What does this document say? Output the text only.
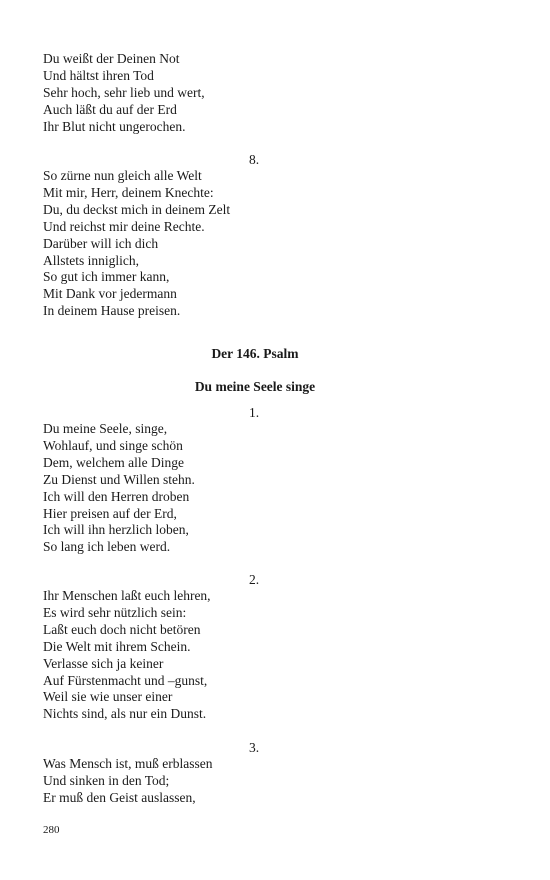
Du weißt der Deinen Not
Und hältst ihren Tod
Sehr hoch, sehr lieb und wert,
Auch läßt du auf der Erd
Ihr Blut nicht ungerochen.
8.
So zürne nun gleich alle Welt
Mit mir, Herr, deinem Knechte:
Du, du deckst mich in deinem Zelt
Und reichst mir deine Rechte.
Darüber will ich dich
Allstets inniglich,
So gut ich immer kann,
Mit Dank vor jedermann
In deinem Hause preisen.
Der 146. Psalm
Du meine Seele singe
1.
Du meine Seele, singe,
Wohlauf, und singe schön
Dem, welchem alle Dinge
Zu Dienst und Willen stehn.
Ich will den Herren droben
Hier preisen auf der Erd,
Ich will ihn herzlich loben,
So lang ich leben werd.
2.
Ihr Menschen laßt euch lehren,
Es wird sehr nützlich sein:
Laßt euch doch nicht betören
Die Welt mit ihrem Schein.
Verlasse sich ja keiner
Auf Fürstenmacht und –gunst,
Weil sie wie unser einer
Nichts sind, als nur ein Dunst.
3.
Was Mensch ist, muß erblassen
Und sinken in den Tod;
Er muß den Geist auslassen,
280
